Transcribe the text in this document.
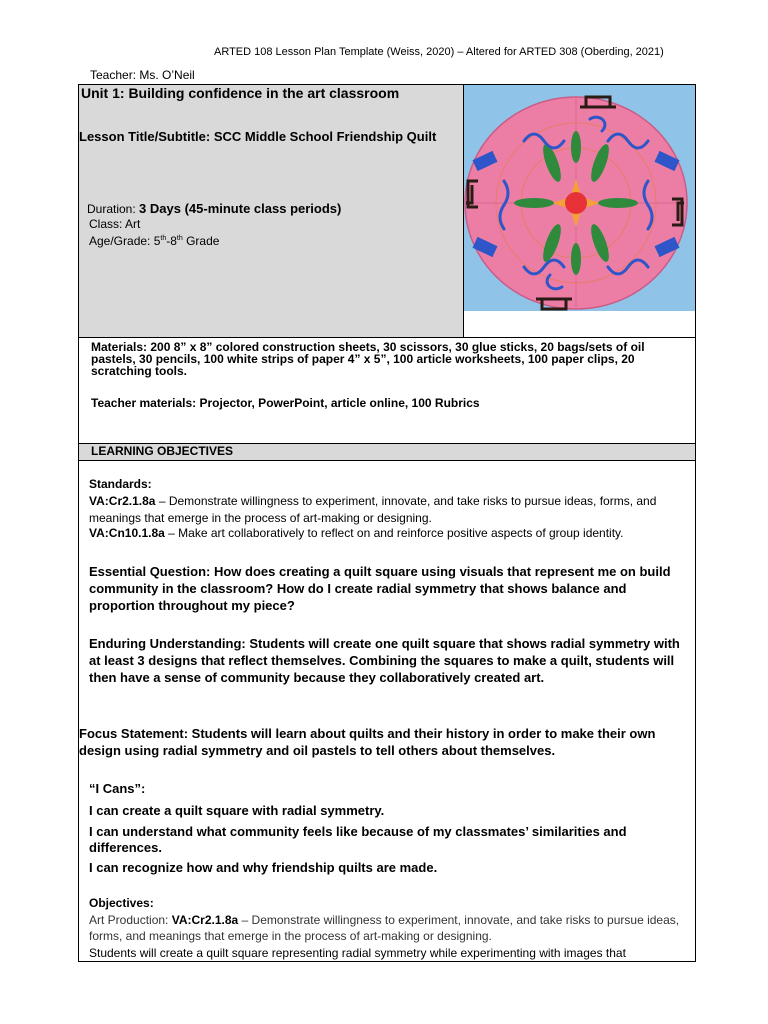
ARTED 108 Lesson Plan Template (Weiss, 2020) – Altered for ARTED 308 (Oberding, 2021)
Teacher: Ms. O’Neil
Unit 1: Building confidence in the art classroom
Lesson Title/Subtitle: SCC Middle School Friendship Quilt
Duration: 3 Days (45-minute class periods)
Class: Art
Age/Grade: 5th-8th Grade
Materials: 200 8” x 8” colored construction sheets, 30 scissors, 30 glue sticks, 20 bags/sets of oil pastels, 30 pencils, 100 white strips of paper 4” x 5”, 100 article worksheets, 100 paper clips, 20 scratching tools.
Teacher materials: Projector, PowerPoint, article online, 100 Rubrics
LEARNING OBJECTIVES
Standards:
VA:Cr2.1.8a – Demonstrate willingness to experiment, innovate, and take risks to pursue ideas, forms, and meanings that emerge in the process of art-making or designing.
VA:Cn10.1.8a – Make art collaboratively to reflect on and reinforce positive aspects of group identity.
Essential Question: How does creating a quilt square using visuals that represent me on build community in the classroom? How do I create radial symmetry that shows balance and proportion throughout my piece?
Enduring Understanding: Students will create one quilt square that shows radial symmetry with at least 3 designs that reflect themselves. Combining the squares to make a quilt, students will then have a sense of community because they collaboratively created art.
Focus Statement: Students will learn about quilts and their history in order to make their own design using radial symmetry and oil pastels to tell others about themselves.
“I Cans”:
I can create a quilt square with radial symmetry.
I can understand what community feels like because of my classmates’ similarities and differences.
I can recognize how and why friendship quilts are made.
Objectives:
Art Production: VA:Cr2.1.8a – Demonstrate willingness to experiment, innovate, and take risks to pursue ideas, forms, and meanings that emerge in the process of art-making or designing.
Students will create a quilt square representing radial symmetry while experimenting with images that
